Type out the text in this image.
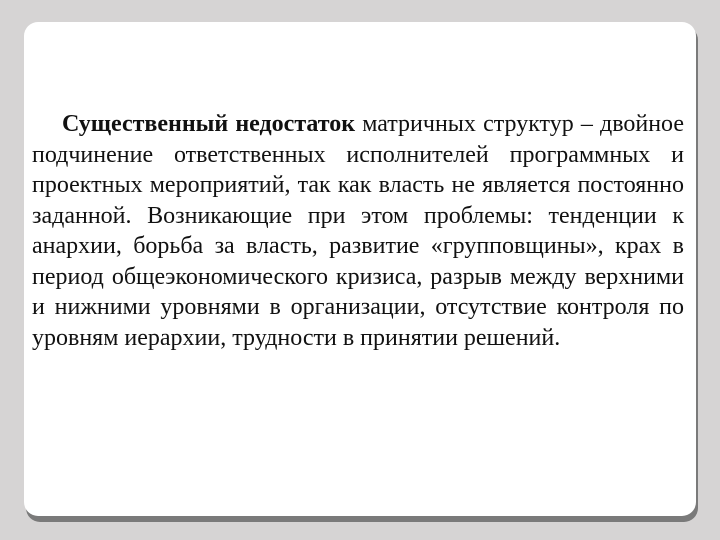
Существенный недостаток матричных структур – двойное подчинение ответственных исполнителей программных и проектных мероприятий, так как власть не является постоянно заданной. Возникающие при этом проблемы: тенденции к анархии, борьба за власть, развитие «групповщины», крах в период общеэкономического кризиса, разрыв между верхними и нижними уровнями в организации, отсутствие контроля по уровням иерархии, трудности в принятии решений.
